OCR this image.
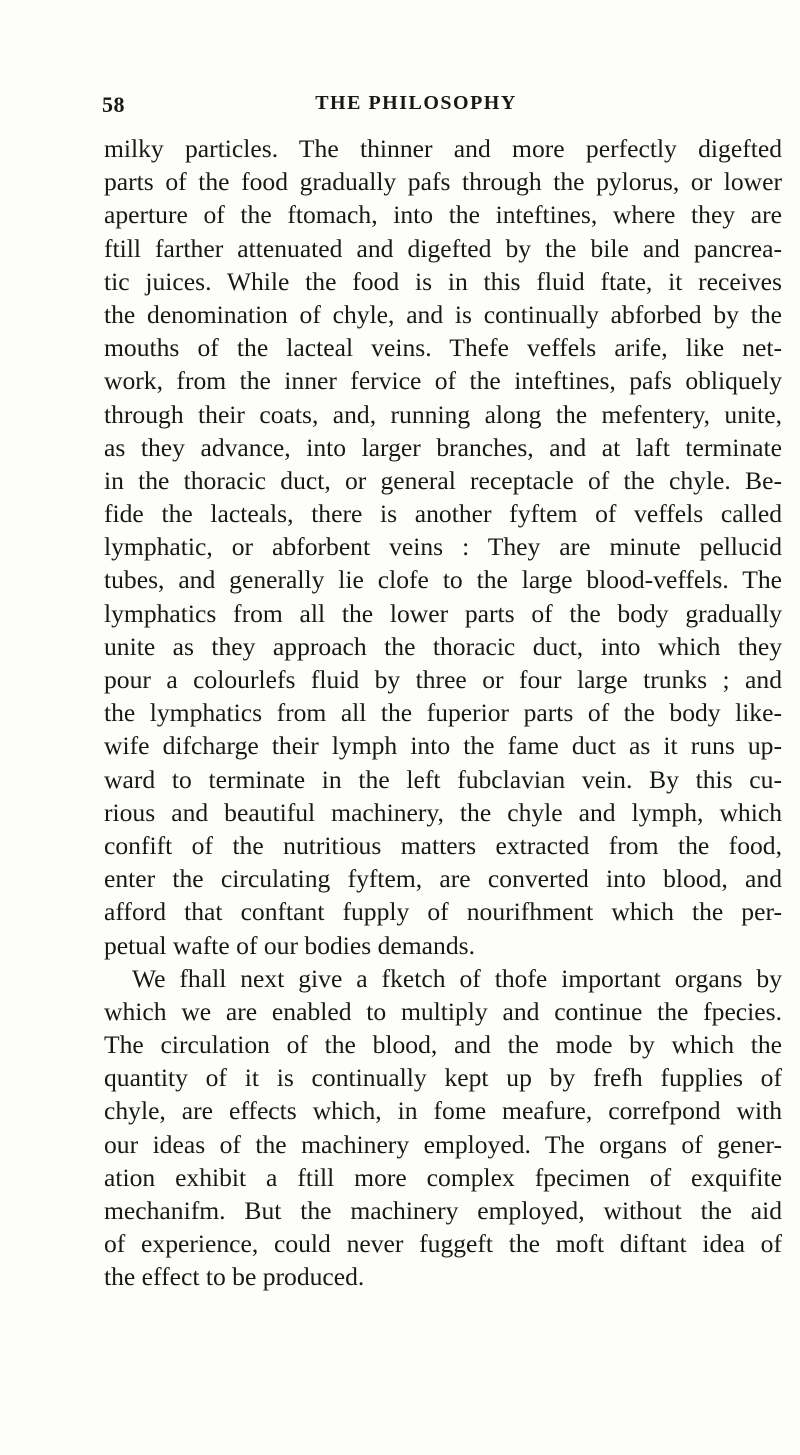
58	THE PHILOSOPHY
milky particles. The thinner and more perfectly digefted
parts of the food gradually pafs through the pylorus, or lower
aperture of the ftomach, into the inteftines, where they are
ftill farther attenuated and digefted by the bile and pancrea-
tic juices. While the food is in this fluid ftate, it receives
the denomination of chyle, and is continually abforbed by the
mouths of the lacteal veins. Thefe veffels arife, like net-
work, from the inner fervice of the inteftines, pafs obliquely
through their coats, and, running along the mefentery, unite,
as they advance, into larger branches, and at laft terminate
in the thoracic duct, or general receptacle of the chyle. Be-
fide the lacteals, there is another fyftem of veffels called
lymphatic, or abforbent veins : They are minute pellucid
tubes, and generally lie clofe to the large blood-veffels. The
lymphatics from all the lower parts of the body gradually
unite as they approach the thoracic duct, into which they
pour a colourlefs fluid by three or four large trunks ; and
the lymphatics from all the fuperior parts of the body like-
wife difcharge their lymph into the fame duct as it runs up-
ward to terminate in the left fubclavian vein. By this cu-
rious and beautiful machinery, the chyle and lymph, which
confift of the nutritious matters extracted from the food,
enter the circulating fyftem, are converted into blood, and
afford that conftant fupply of nourifhment which the per-
petual wafte of our bodies demands.
We fhall next give a fketch of thofe important organs by
which we are enabled to multiply and continue the fpecies.
The circulation of the blood, and the mode by which the
quantity of it is continually kept up by frefh fupplies of
chyle, are effects which, in fome meafure, correfpond with
our ideas of the machinery employed. The organs of gener-
ation exhibit a ftill more complex fpecimen of exquifite
mechanifm. But the machinery employed, without the aid
of experience, could never fuggeft the moft diftant idea of
the effect to be produced.
